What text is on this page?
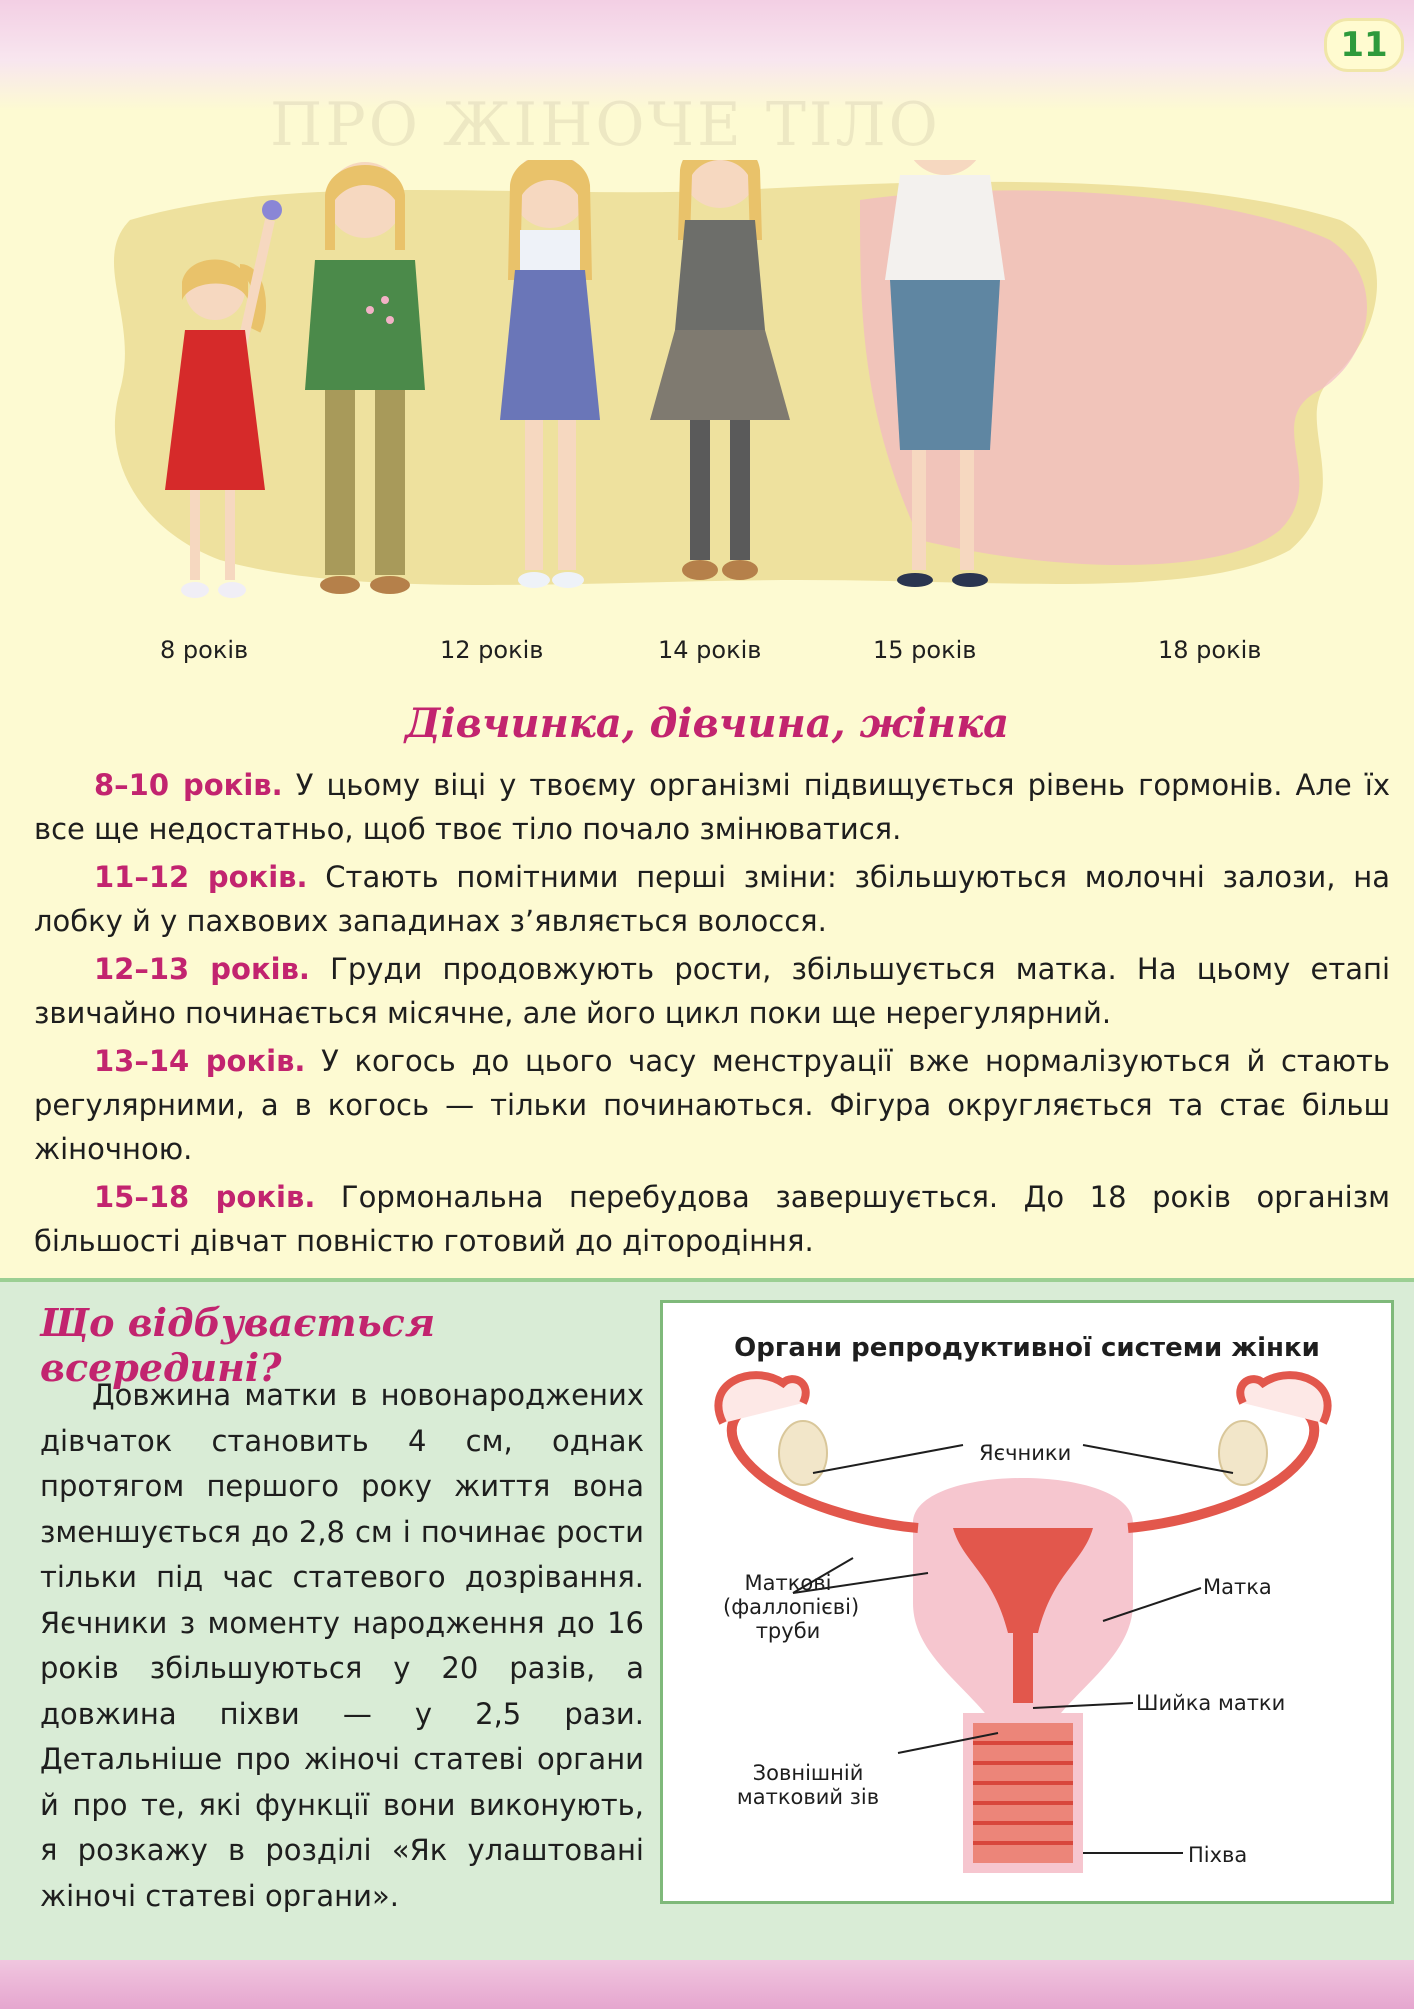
ПРО ЖІНОЧЕ ТІЛО
11
8 років	12 років	14 років	15 років	18 років
Дівчинка, дівчина, жінка
8–10 років. У цьому віці у твоєму організмі підвищується рівень гормонів. Але їх все ще недостатньо, щоб твоє тіло почало змінюватися.
11–12 років. Стають помітними перші зміни: збільшуються молочні залози, на лобку й у пахвових западинах з’являється волосся.
12–13 років. Груди продовжують рости, збільшується матка. На цьому етапі звичайно починається місячне, але його цикл поки ще нерегулярний.
13–14 років. У когось до цього часу менструації вже нормалізуються й стають регулярними, а в когось — тільки починаються. Фігура округляється та стає більш жіночною.
15–18 років. Гормональна перебудова завершується. До 18 років організм більшості дівчат повністю готовий до дітородіння.
Що відбувається всередині?
Довжина матки в новонароджених дівчаток становить 4 см, однак протягом першого року життя вона зменшується до 2,8 см і починає рости тільки під час статевого дозрівання. Яєчники з моменту народження до 16 років збільшуються у 20 разів, а довжина піхви — у 2,5 рази. Детальніше про жіночі статеві органи й про те, які функції вони виконують, я розкажу в розділі «Як улаштовані жіночі статеві органи».
Органи репродуктивної системи жінки
Яєчники
Маткові
(фаллопієві)
труби
Матка
Шийка матки
Зовнішній
матковий зів
Піхва
